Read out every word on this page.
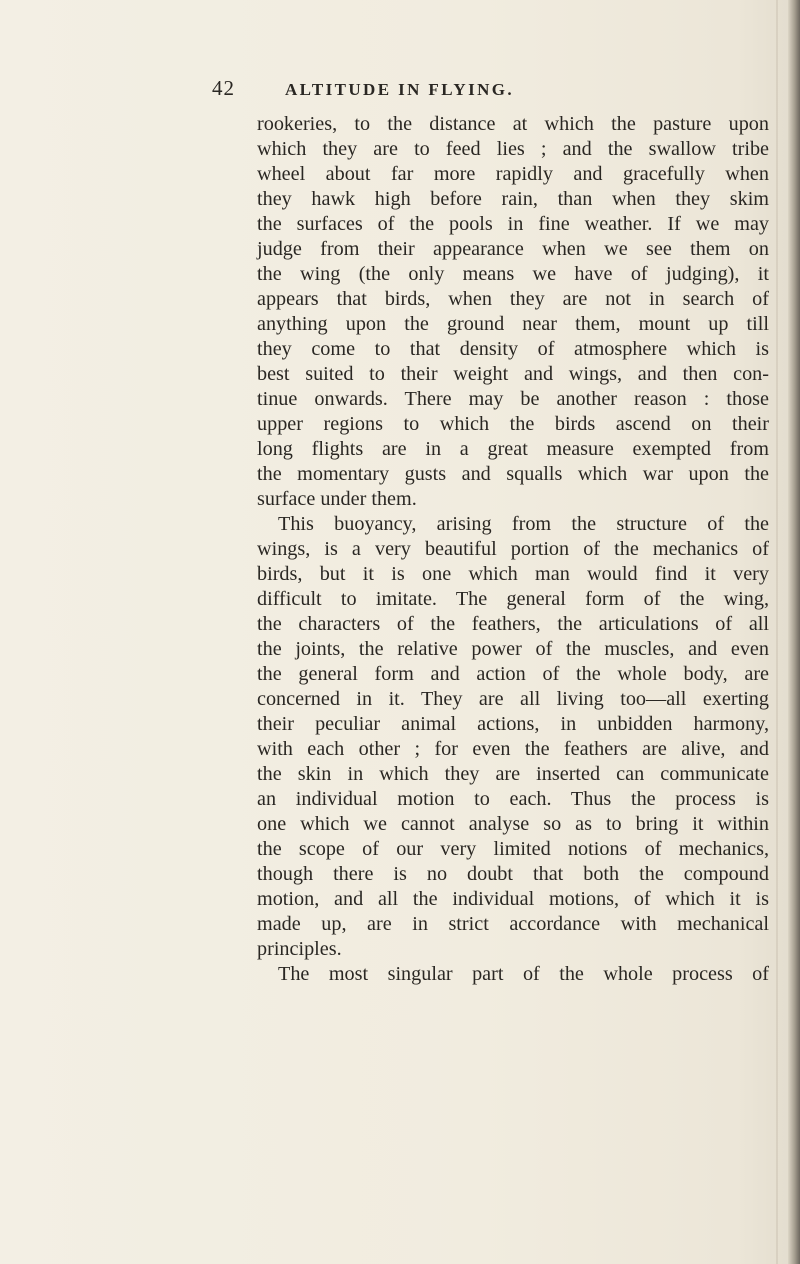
42	ALTITUDE IN FLYING.
rookeries, to the distance at which the pasture upon
which they are to feed lies ; and the swallow tribe
wheel about far more rapidly and gracefully when
they hawk high before rain, than when they skim
the surfaces of the pools in fine weather. If we may
judge from their appearance when we see them on
the wing (the only means we have of judging), it
appears that birds, when they are not in search of
anything upon the ground near them, mount up till
they come to that density of atmosphere which is
best suited to their weight and wings, and then con-
tinue onwards. There may be another reason : those
upper regions to which the birds ascend on their
long flights are in a great measure exempted from
the momentary gusts and squalls which war upon the
surface under them.
This buoyancy, arising from the structure of the
wings, is a very beautiful portion of the mechanics of
birds, but it is one which man would find it very
difficult to imitate. The general form of the wing,
the characters of the feathers, the articulations of all
the joints, the relative power of the muscles, and even
the general form and action of the whole body, are
concerned in it. They are all living too—all exerting
their peculiar animal actions, in unbidden harmony,
with each other ; for even the feathers are alive, and
the skin in which they are inserted can communicate
an individual motion to each. Thus the process is
one which we cannot analyse so as to bring it within
the scope of our very limited notions of mechanics,
though there is no doubt that both the compound
motion, and all the individual motions, of which it is
made up, are in strict accordance with mechanical
principles.
The most singular part of the whole process of
